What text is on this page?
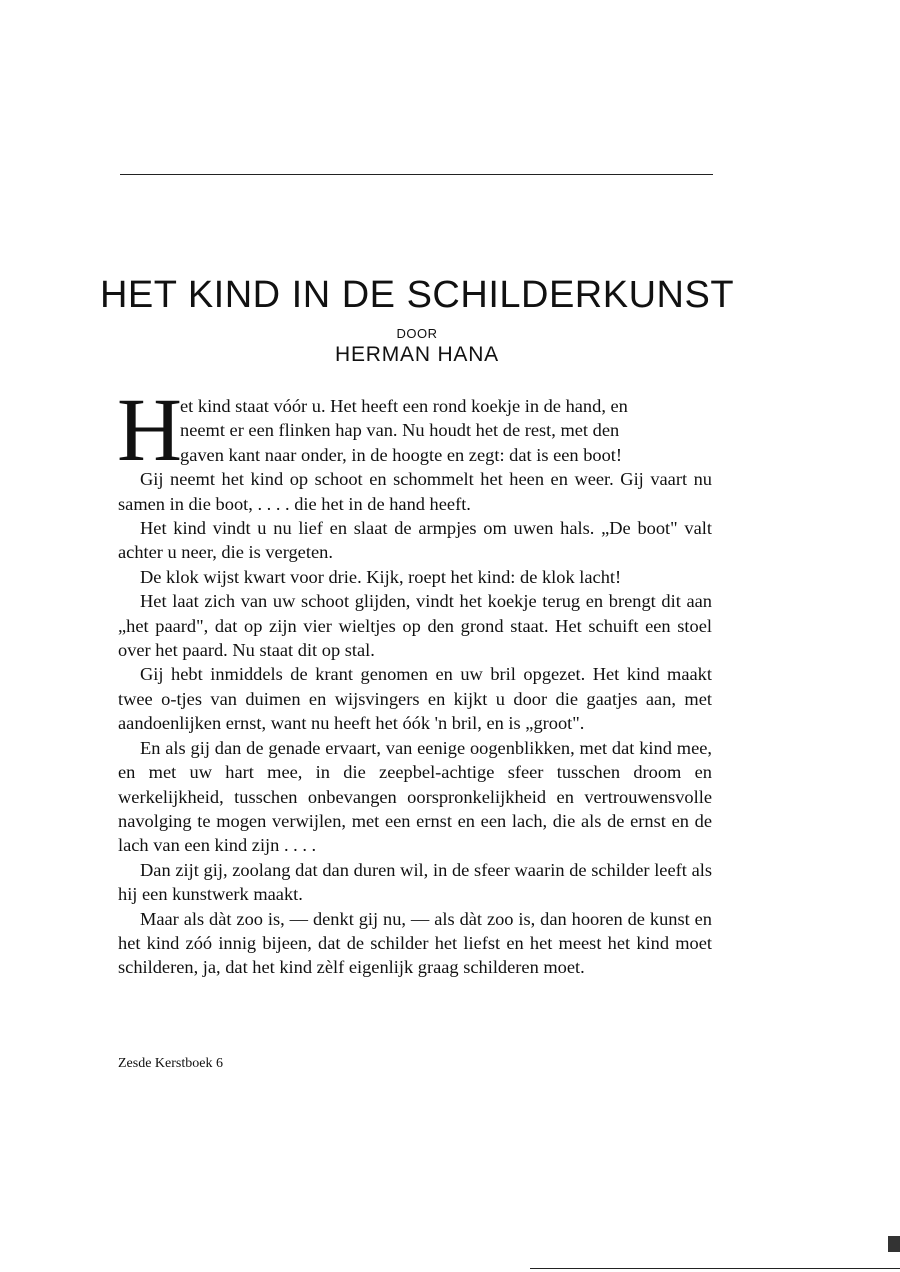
HET KIND IN DE SCHILDERKUNST
DOOR
HERMAN HANA
H
et kind staat vóór u. Het heeft een rond koekje in de hand, en
neemt er een flinken hap van. Nu houdt het de rest, met den
gaven kant naar onder, in de hoogte en zegt: dat is een boot!

Gij neemt het kind op schoot en schommelt het heen en weer. Gij vaart nu samen in die boot, . . . . die het in de hand heeft.

Het kind vindt u nu lief en slaat de armpjes om uwen hals. „De boot" valt achter u neer, die is vergeten.

De klok wijst kwart voor drie. Kijk, roept het kind: de klok lacht!

Het laat zich van uw schoot glijden, vindt het koekje terug en brengt dit aan „het paard", dat op zijn vier wieltjes op den grond staat. Het schuift een stoel over het paard. Nu staat dit op stal.

Gij hebt inmiddels de krant genomen en uw bril opgezet. Het kind maakt twee o-tjes van duimen en wijsvingers en kijkt u door die gaatjes aan, met aandoenlijken ernst, want nu heeft het óók 'n bril, en is „groot".

En als gij dan de genade ervaart, van eenige oogenblikken, met dat kind mee, en met uw hart mee, in die zeepbel-achtige sfeer tusschen droom en werkelijkheid, tusschen onbevangen oorspronkelijkheid en vertrouwensvolle navolging te mogen verwijlen, met een ernst en een lach, die als de ernst en de lach van een kind zijn . . . .

Dan zijt gij, zoolang dat dan duren wil, in de sfeer waarin de schilder leeft als hij een kunstwerk maakt.

Maar als dàt zoo is, — denkt gij nu, — als dàt zoo is, dan hooren de kunst en het kind zóó innig bijeen, dat de schilder het liefst en het meest het kind moet schilderen, ja, dat het kind zèlf eigenlijk graag schilderen moet.

Zesde Kerstboek 6
